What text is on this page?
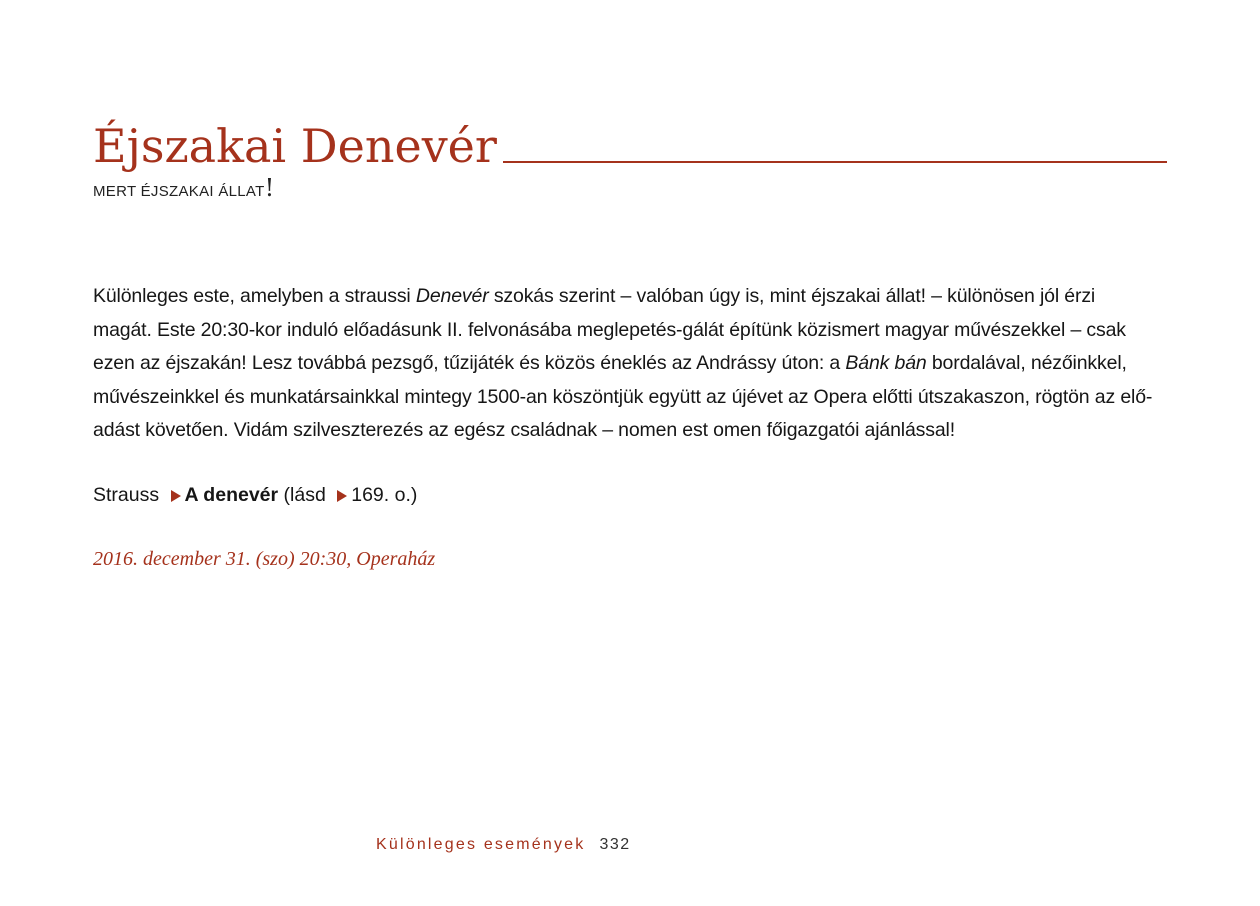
Éjszakai Denevér
MERT ÉJSZAKAI ÁLLAT!

Különleges este, amelyben a straussi Denevér szokás szerint – valóban úgy is, mint éjszakai állat! – különösen jól érzi
magát. Este 20:30-kor induló előadásunk II. felvonásába meglepetés-gálát építünk közismert magyar művészekkel – csak
ezen az éjszakán! Lesz továbbá pezsgő, tűzijáték és közös éneklés az Andrássy úton: a Bánk bán bordalával, nézőinkkel,
művészeinkkel és munkatársainkkal mintegy 1500-an köszöntjük együtt az újévet az Opera előtti útszakaszon, rögtön az elő-
adást követően. Vidám szilveszterezés az egész családnak – nomen est omen főigazgatói ajánlással!

Strauss A denevér (lásd 169. o.)
2016. december 31. (szo) 20:30, Operaház
Különleges események 332
